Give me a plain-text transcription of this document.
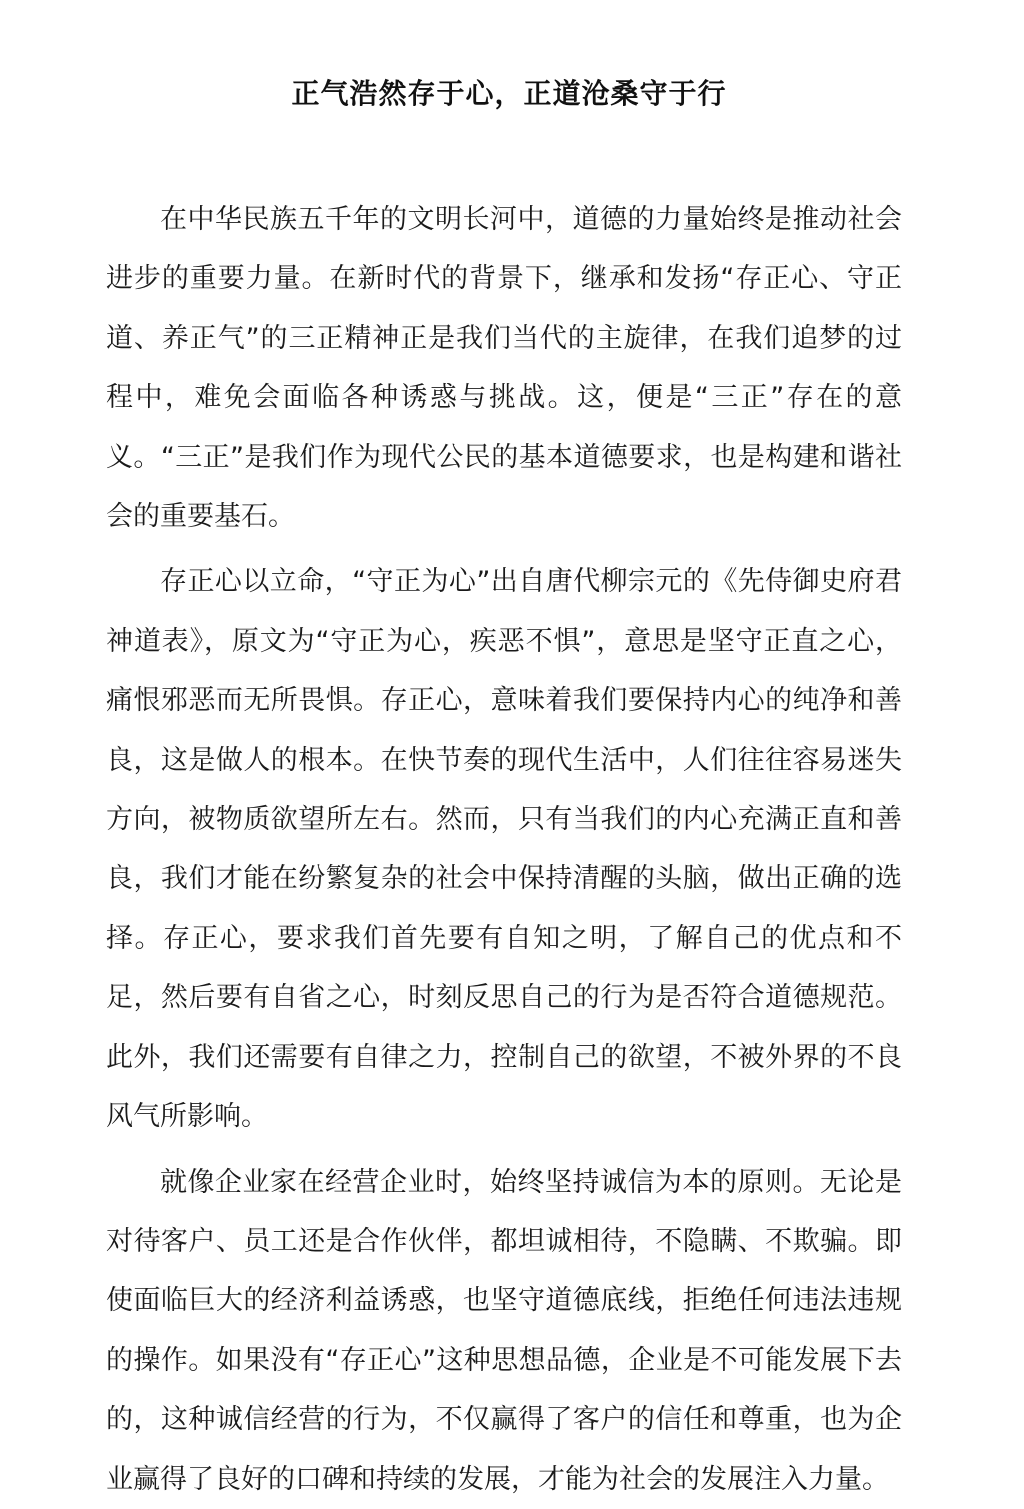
正气浩然存于心，正道沧桑守于行

在中华民族五千年的文明长河中，道德的力量始终是推动社会进步的重要力量。在新时代的背景下，继承和发扬“存正心、守正道、养正气”的三正精神正是我们当代的主旋律，在我们追梦的过程中，难免会面临各种诱惑与挑战。这，便是“三正”存在的意义。“三正”是我们作为现代公民的基本道德要求，也是构建和谐社会的重要基石。

存正心以立命，“守正为心”出自唐代柳宗元的《先侍御史府君神道表》，原文为“守正为心，疾恶不惧”，意思是坚守正直之心，痛恨邪恶而无所畏惧。存正心，意味着我们要保持内心的纯净和善良，这是做人的根本。在快节奏的现代生活中，人们往往容易迷失方向，被物质欲望所左右。然而，只有当我们的内心充满正直和善良，我们才能在纷繁复杂的社会中保持清醒的头脑，做出正确的选择。存正心，要求我们首先要有自知之明，了解自己的优点和不足，然后要有自省之心，时刻反思自己的行为是否符合道德规范。此外，我们还需要有自律之力，控制自己的欲望，不被外界的不良风气所影响。

就像企业家在经营企业时，始终坚持诚信为本的原则。无论是对待客户、员工还是合作伙伴，都坦诚相待，不隐瞒、不欺骗。即使面临巨大的经济利益诱惑，也坚守道德底线，拒绝任何违法违规的操作。如果没有“存正心”这种思想品德，企业是不可能发展下去的，这种诚信经营的行为，不仅赢得了客户的信任和尊重，也为企业赢得了良好的口碑和持续的发展，才能为社会的发展注入力量。
